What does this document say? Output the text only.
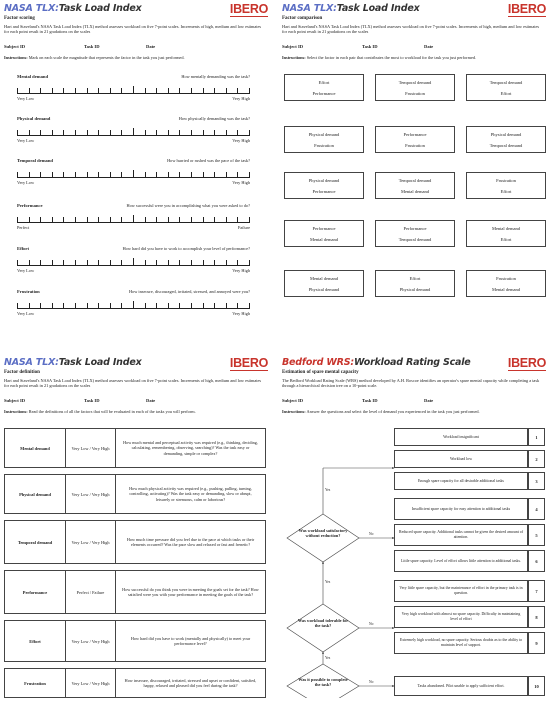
NASA TLX:Task Load Index	IBERO
Factor scoring
Hart and Staveland's NASA Task Load Index (TLX) method assesses workload on five 7-point scales. Increments of high, medium and low estimates for each point result in 21 gradations on the scales
Subject ID	Task ID	Date
Instructions: Mark on each scale the magnitude that represents the factor in the task you just performed.
Mental demand	How mentally demanding was the task?
Very Low	Very High
Physical demand	How physically demanding was the task?
Very Low	Very High
Temporal demand	How hurried or rushed was the pace of the task?
Very Low	Very High
Performance	How successful were you in accomplishing what you were asked to do?
Perfect	Failure
Effort	How hard did you have to work to accomplish your level of performance?
Very Low	Very High
Frustration	How insecure, discouraged, irritated, stressed, and annoyed were you?
Very Low	Very High
NASA TLX:Task Load Index	IBERO
Factor comparison
Hart and Staveland's NASA Task Load Index (TLX) method assesses workload on five 7-point scales. Increments of high, medium and low estimates for each point result in 21 gradations on the scales
Subject ID	Task ID	Date
Instructions: Select the factor in each pair that contributes the most to workload for the task you just performed.
Effort
Performance
Temporal demand
Frustration
Temporal demand
Effort
Physical demand
Frustration
Performance
Frustration
Physical demand
Temporal demand
Physical demand
Performance
Temporal demand
Mental demand
Frustration
Effort
Performance
Mental demand
Performance
Temporal demand
Mental demand
Effort
Mental demand
Physical demand
Effort
Physical demand
Frustration
Mental demand
NASA TLX:Task Load Index	IBERO
Factor definition
Hart and Staveland's NASA Task Load Index (TLX) method assesses workload on five 7-point scales. Increments of high, medium and low estimates for each point result in 21 gradations on the scales
Subject ID	Task ID	Date
Instructions: Read the definitions of all the factors that will be evaluated in each of the tasks you will perform.
Mental demand	Very Low / Very High
How much mental and perceptual activity was required (e.g., thinking, deciding, calculating, remembering, observing, searching)? Was the task easy or demanding, simple or complex?
Physical demand	Very Low / Very High
How much physical activity was required (e.g., pushing, pulling, turning, controlling, activating)? Was the task easy or demanding, slow or abrupt, leisurely or strenuous, calm or laborious?
Temporal demand	Very Low / Very High
How much time pressure did you feel due to the pace at which tasks or their elements occurred? Was the pace slow and relaxed or fast and frenetic?
Performance	Perfect / Failure
How successful do you think you were in meeting the goals set for the task? How satisfied were you with your performance in meeting the goals of the task?
Effort	Very Low / Very High
How hard did you have to work (mentally and physically) to meet your performance level?
Frustration	Very Low / Very High
How insecure, discouraged, irritated, stressed and upset or confident, satisfied, happy, relaxed and pleased did you feel during the task?
Bedford WRS:Workload Rating Scale	IBERO
Estimation of spare mental capacity
The Bedford Workload Rating Scale (WRS) method developed by A.H. Roscoe identifies an operator's spare mental capacity while completing a task through a hierarchical decision tree on a 10-point scale.
Subject ID	Task ID	Date
Instructions: Answer the questions and select the level of demand you experienced in the task you just performed.
Was workload satisfactory without reduction?
Was workload tolerable for the task?
Was it possible to complete the task?
Yes
Yes
Yes
No
No
No
Workload insignificant	1
Workload low	2
Enough spare capacity for all desirable additional tasks	3
Insufficient spare capacity for easy attention to additional tasks	4
Reduced spare capacity. Additional tasks cannot be given the desired amount of attention.	5
Little spare capacity. Level of effort allows little attention to additional tasks.	6
Very little spare capacity, but the maintenance of effort in the primary task is in question.	7
Very high workload with almost no spare capacity. Difficulty in maintaining level of effort	8
Extremely high workload, no spare capacity. Serious doubts as to the ability to maintain level of support.	9
Tasks abandoned. Pilot unable to apply sufficient effort.	10
